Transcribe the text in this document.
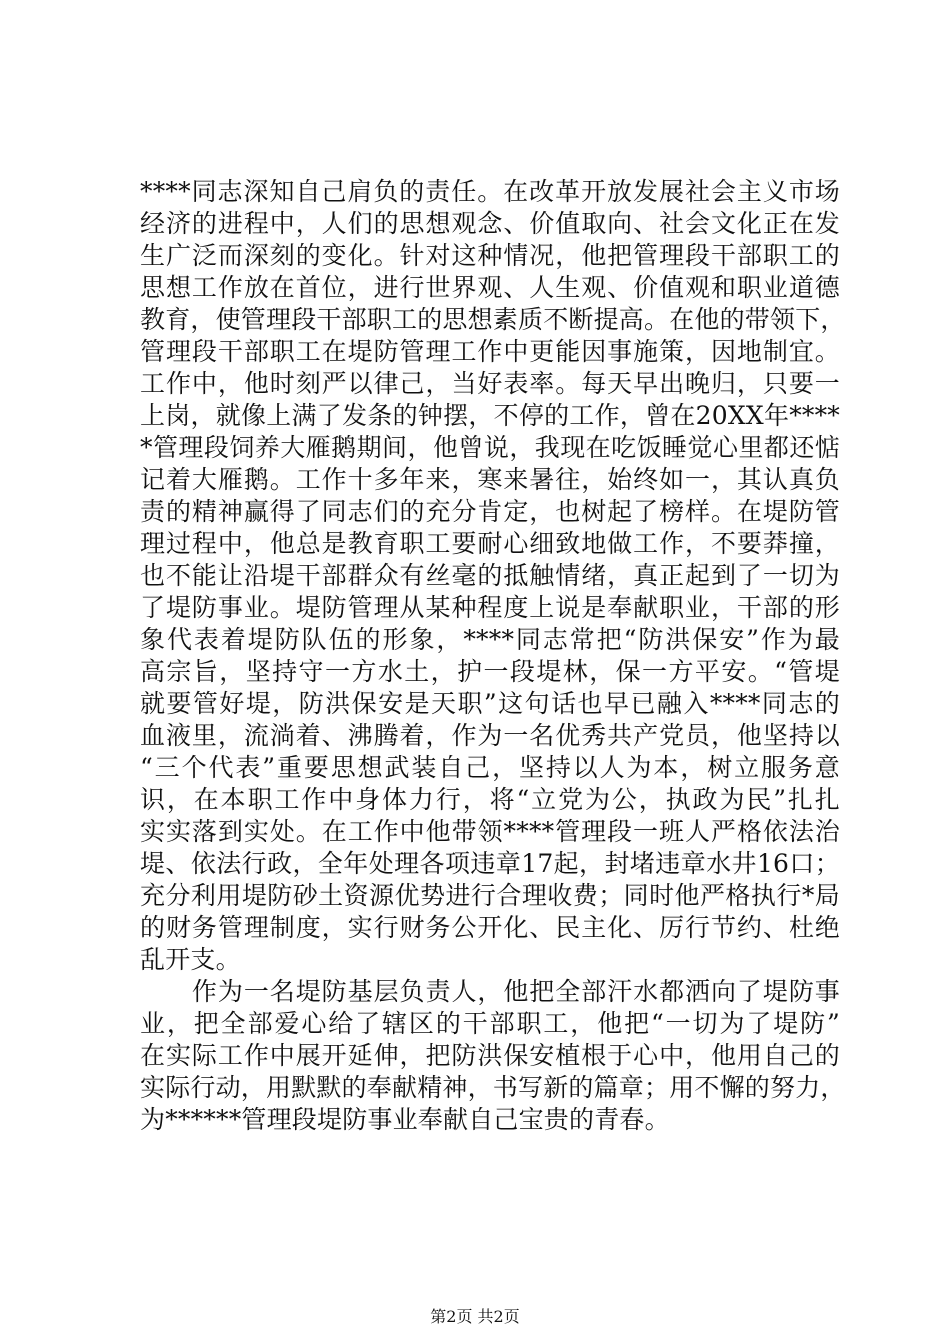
****同志深知自己肩负的责任。在改革开放发展社会主义市场
经济的进程中，人们的思想观念、价值取向、社会文化正在发
生广泛而深刻的变化。针对这种情况，他把管理段干部职工的
思想工作放在首位，进行世界观、人生观、价值观和职业道德
教育，使管理段干部职工的思想素质不断提高。在他的带领下，
管理段干部职工在堤防管理工作中更能因事施策，因地制宜。
工作中，他时刻严以律己，当好表率。每天早出晚归，只要一
上岗，就像上满了发条的钟摆，不停的工作，曾在20XX年****
*管理段饲养大雁鹅期间，他曾说，我现在吃饭睡觉心里都还惦
记着大雁鹅。工作十多年来，寒来暑往，始终如一，其认真负
责的精神赢得了同志们的充分肯定，也树起了榜样。在堤防管
理过程中，他总是教育职工要耐心细致地做工作，不要莽撞，
也不能让沿堤干部群众有丝毫的抵触情绪，真正起到了一切为
了堤防事业。堤防管理从某种程度上说是奉献职业，干部的形
象代表着堤防队伍的形象，****同志常把“防洪保安”作为最
高宗旨，坚持守一方水土，护一段堤林，保一方平安。“管堤
就要管好堤，防洪保安是天职”这句话也早已融入****同志的
血液里，流淌着、沸腾着，作为一名优秀共产党员，他坚持以
“三个代表”重要思想武装自己，坚持以人为本，树立服务意
识，在本职工作中身体力行，将“立党为公，执政为民”扎扎
实实落到实处。在工作中他带领****管理段一班人严格依法治
堤、依法行政，全年处理各项违章17起，封堵违章水井16口；
充分利用堤防砂土资源优势进行合理收费；同时他严格执行*局
的财务管理制度，实行财务公开化、民主化、厉行节约、杜绝
乱开支。
　　作为一名堤防基层负责人，他把全部汗水都洒向了堤防事
业，把全部爱心给了辖区的干部职工，他把“一切为了堤防”
在实际工作中展开延伸，把防洪保安植根于心中，他用自己的
实际行动，用默默的奉献精神，书写新的篇章；用不懈的努力，
为******管理段堤防事业奉献自己宝贵的青春。
第2页 共2页
